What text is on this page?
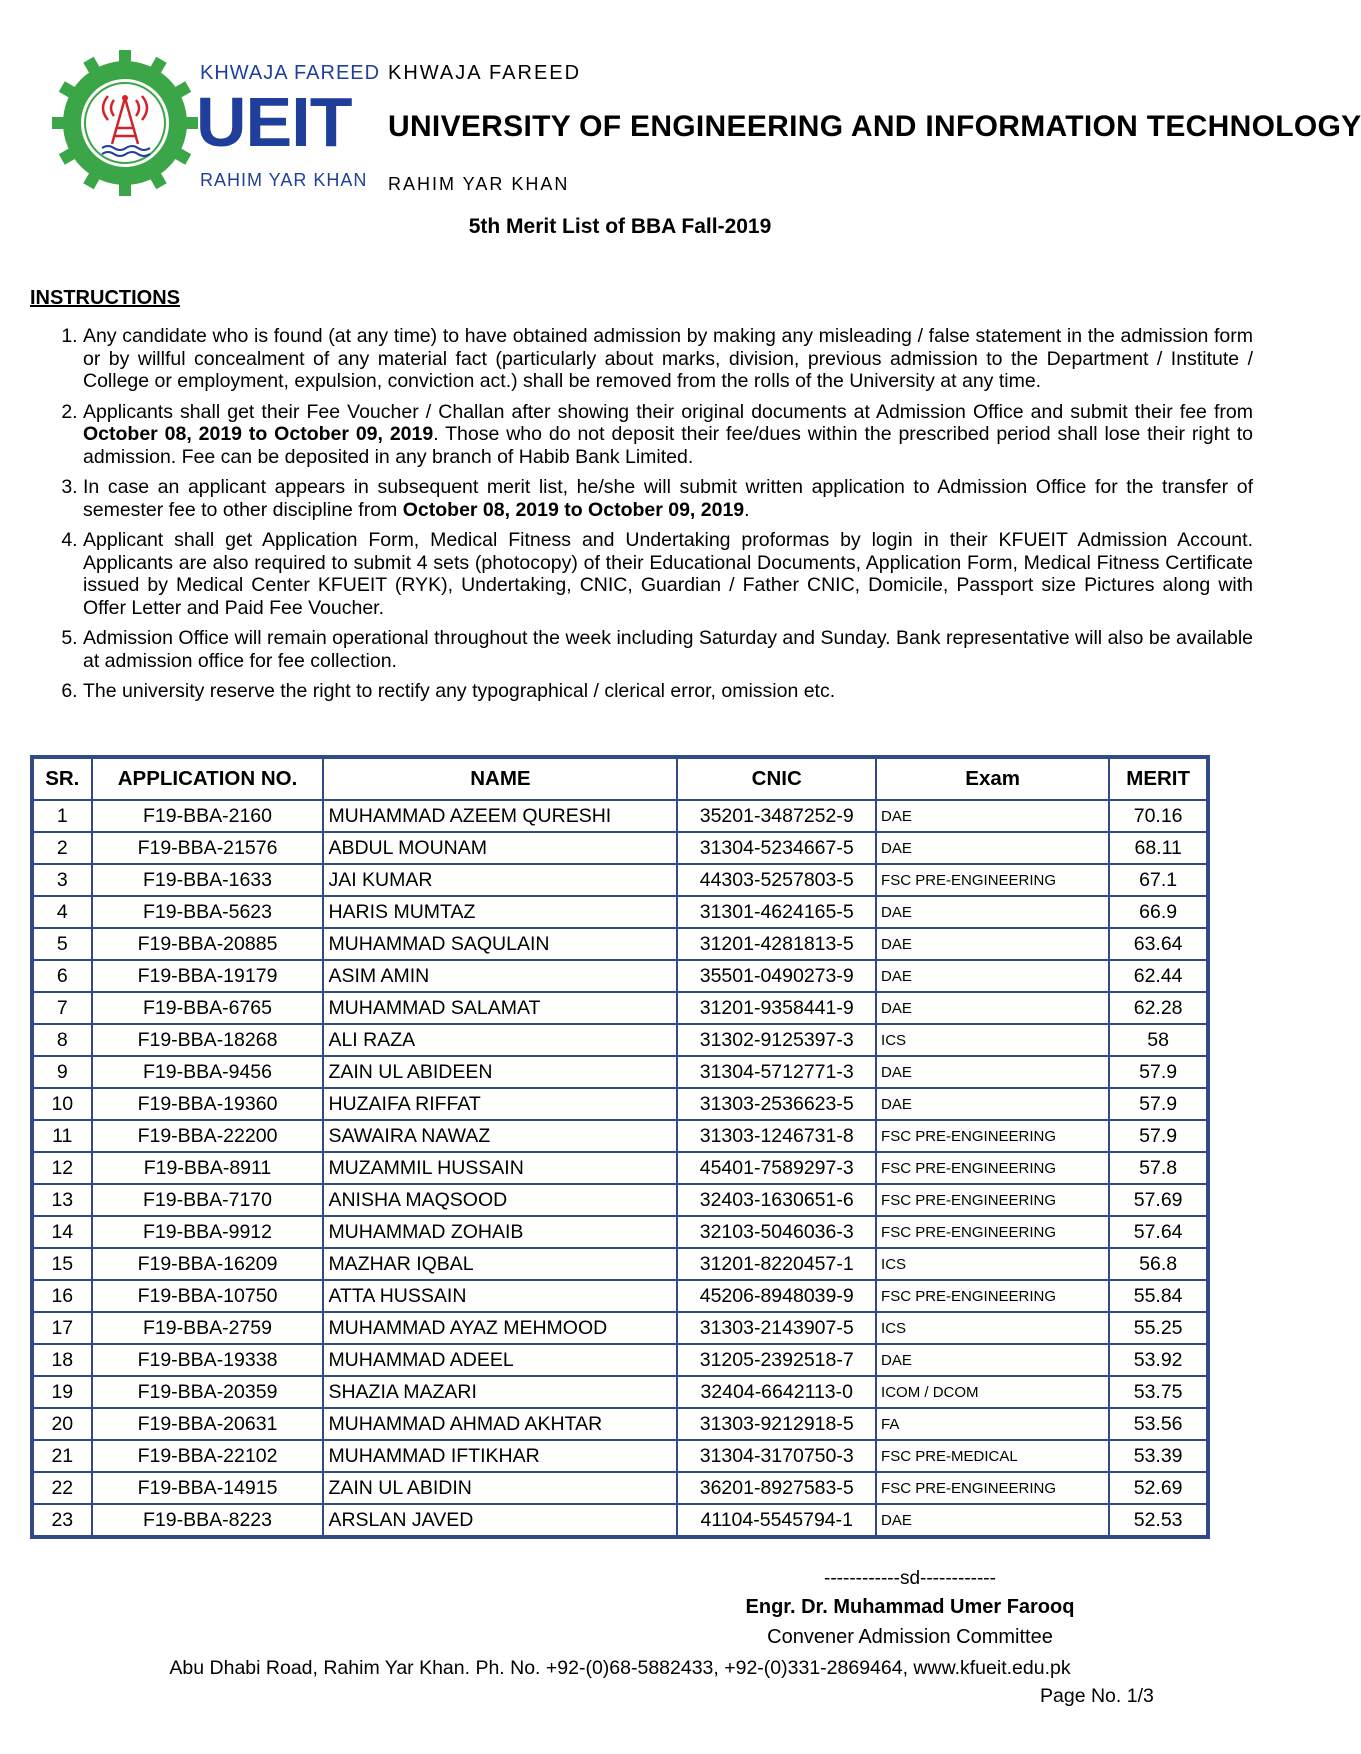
KHWAJA FAREED
UEIT
RAHIM YAR KHAN
KHWAJA FAREED
UNIVERSITY OF ENGINEERING AND INFORMATION TECHNOLOGY
RAHIM YAR KHAN
5th Merit List of BBA Fall-2019
INSTRUCTIONS
1. Any candidate who is found (at any time) to have obtained admission by making any misleading / false statement in the admission form or by willful concealment of any material fact (particularly about marks, division, previous admission to the Department / Institute / College or employment, expulsion, conviction act.) shall be removed from the rolls of the University at any time.
2. Applicants shall get their Fee Voucher / Challan after showing their original documents at Admission Office and submit their fee from October 08, 2019 to October 09, 2019. Those who do not deposit their fee/dues within the prescribed period shall lose their right to admission. Fee can be deposited in any branch of Habib Bank Limited.
3. In case an applicant appears in subsequent merit list, he/she will submit written application to Admission Office for the transfer of semester fee to other discipline from October 08, 2019 to October 09, 2019.
4. Applicant shall get Application Form, Medical Fitness and Undertaking proformas by login in their KFUEIT Admission Account. Applicants are also required to submit 4 sets (photocopy) of their Educational Documents, Application Form, Medical Fitness Certificate issued by Medical Center KFUEIT (RYK), Undertaking, CNIC, Guardian / Father CNIC, Domicile, Passport size Pictures along with Offer Letter and Paid Fee Voucher.
5. Admission Office will remain operational throughout the week including Saturday and Sunday. Bank representative will also be available at admission office for fee collection.
6. The university reserve the right to rectify any typographical / clerical error, omission etc.
SR.	APPLICATION NO.	NAME	CNIC	Exam	MERIT
1	F19-BBA-2160	MUHAMMAD AZEEM QURESHI	35201-3487252-9	DAE	70.16
2	F19-BBA-21576	ABDUL MOUNAM	31304-5234667-5	DAE	68.11
3	F19-BBA-1633	JAI KUMAR	44303-5257803-5	FSC PRE-ENGINEERING	67.1
4	F19-BBA-5623	HARIS MUMTAZ	31301-4624165-5	DAE	66.9
5	F19-BBA-20885	MUHAMMAD SAQULAIN	31201-4281813-5	DAE	63.64
6	F19-BBA-19179	ASIM AMIN	35501-0490273-9	DAE	62.44
7	F19-BBA-6765	MUHAMMAD SALAMAT	31201-9358441-9	DAE	62.28
8	F19-BBA-18268	ALI RAZA	31302-9125397-3	ICS	58
9	F19-BBA-9456	ZAIN UL ABIDEEN	31304-5712771-3	DAE	57.9
10	F19-BBA-19360	HUZAIFA RIFFAT	31303-2536623-5	DAE	57.9
11	F19-BBA-22200	SAWAIRA NAWAZ	31303-1246731-8	FSC PRE-ENGINEERING	57.9
12	F19-BBA-8911	MUZAMMIL HUSSAIN	45401-7589297-3	FSC PRE-ENGINEERING	57.8
13	F19-BBA-7170	ANISHA MAQSOOD	32403-1630651-6	FSC PRE-ENGINEERING	57.69
14	F19-BBA-9912	MUHAMMAD ZOHAIB	32103-5046036-3	FSC PRE-ENGINEERING	57.64
15	F19-BBA-16209	MAZHAR IQBAL	31201-8220457-1	ICS	56.8
16	F19-BBA-10750	ATTA HUSSAIN	45206-8948039-9	FSC PRE-ENGINEERING	55.84
17	F19-BBA-2759	MUHAMMAD AYAZ MEHMOOD	31303-2143907-5	ICS	55.25
18	F19-BBA-19338	MUHAMMAD ADEEL	31205-2392518-7	DAE	53.92
19	F19-BBA-20359	SHAZIA MAZARI	32404-6642113-0	ICOM / DCOM	53.75
20	F19-BBA-20631	MUHAMMAD AHMAD AKHTAR	31303-9212918-5	FA	53.56
21	F19-BBA-22102	MUHAMMAD IFTIKHAR	31304-3170750-3	FSC PRE-MEDICAL	53.39
22	F19-BBA-14915	ZAIN UL ABIDIN	36201-8927583-5	FSC PRE-ENGINEERING	52.69
23	F19-BBA-8223	ARSLAN JAVED	41104-5545794-1	DAE	52.53
------------sd------------
Engr. Dr. Muhammad Umer Farooq
Convener Admission Committee
Abu Dhabi Road, Rahim Yar Khan. Ph. No. +92-(0)68-5882433, +92-(0)331-2869464, www.kfueit.edu.pk
Page No. 1/3
